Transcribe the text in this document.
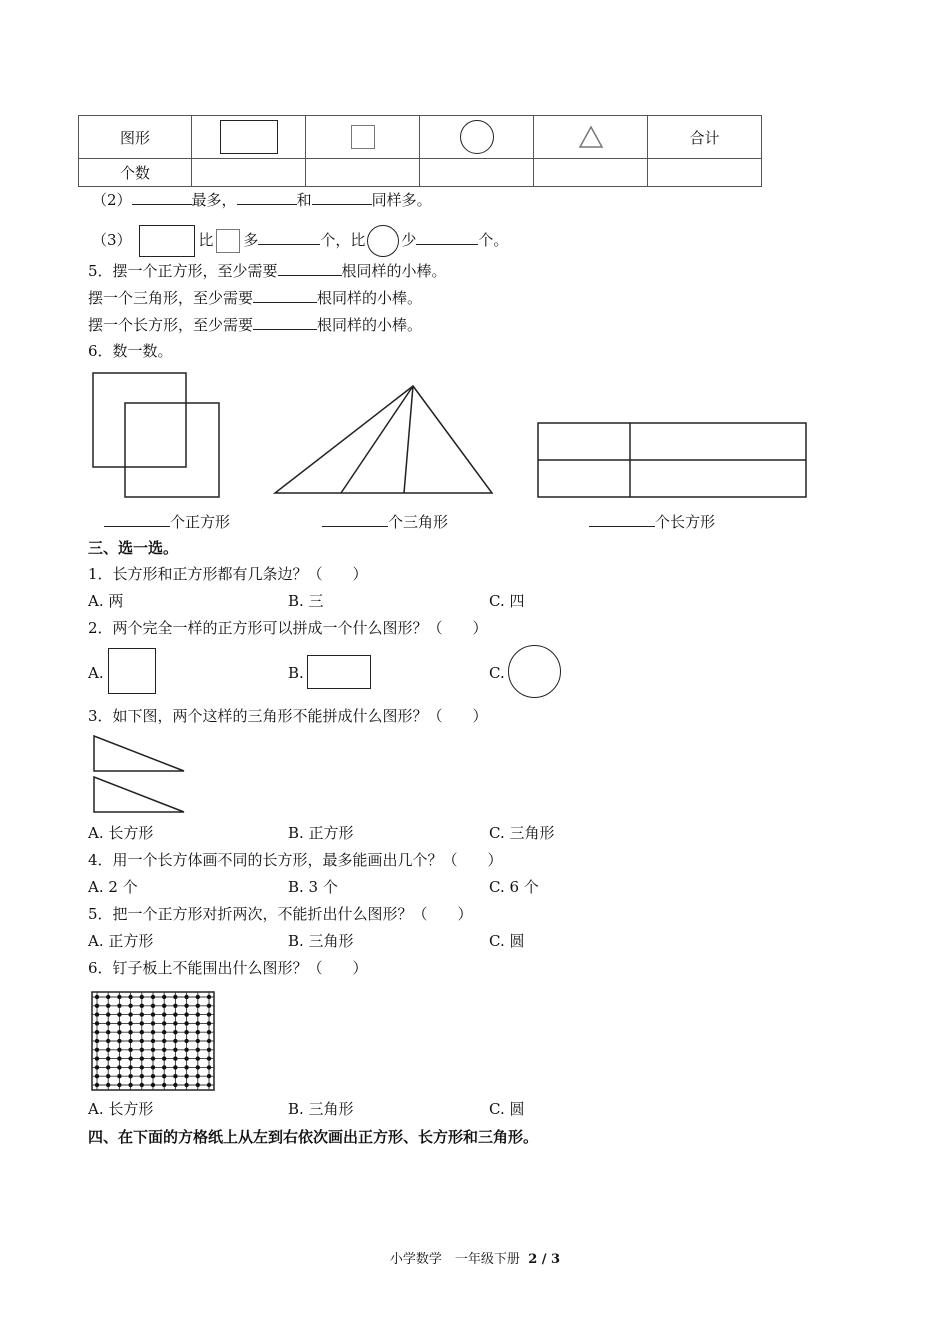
图形					合计
个数					
（2）	最多，	和	同样多。
（3）	比 多	个，比 少	个。
5．摆一个正方形，至少需要	根同样的小棒。
摆一个三角形，至少需要	根同样的小棒。
摆一个长方形，至少需要	根同样的小棒。
6．数一数。
个正方形	个三角形	个长方形
三、选一选。
1．长方形和正方形都有几条边？（　　）
A. 两	B. 三	C. 四
2．两个完全一样的正方形可以拼成一个什么图形？（　　）
A.	B.	C.
3．如下图，两个这样的三角形不能拼成什么图形？（　　）
A. 长方形	B. 正方形	C. 三角形
4．用一个长方体画不同的长方形，最多能画出几个？（　　）
A. 2 个	B. 3 个	C. 6 个
5．把一个正方形对折两次，不能折出什么图形？（　　）
A. 正方形	B. 三角形	C. 圆
6．钉子板上不能围出什么图形？（　　）
A. 长方形	B. 三角形	C. 圆
四、在下面的方格纸上从左到右依次画出正方形、长方形和三角形。
小学数学　一年级下册 2 / 3
